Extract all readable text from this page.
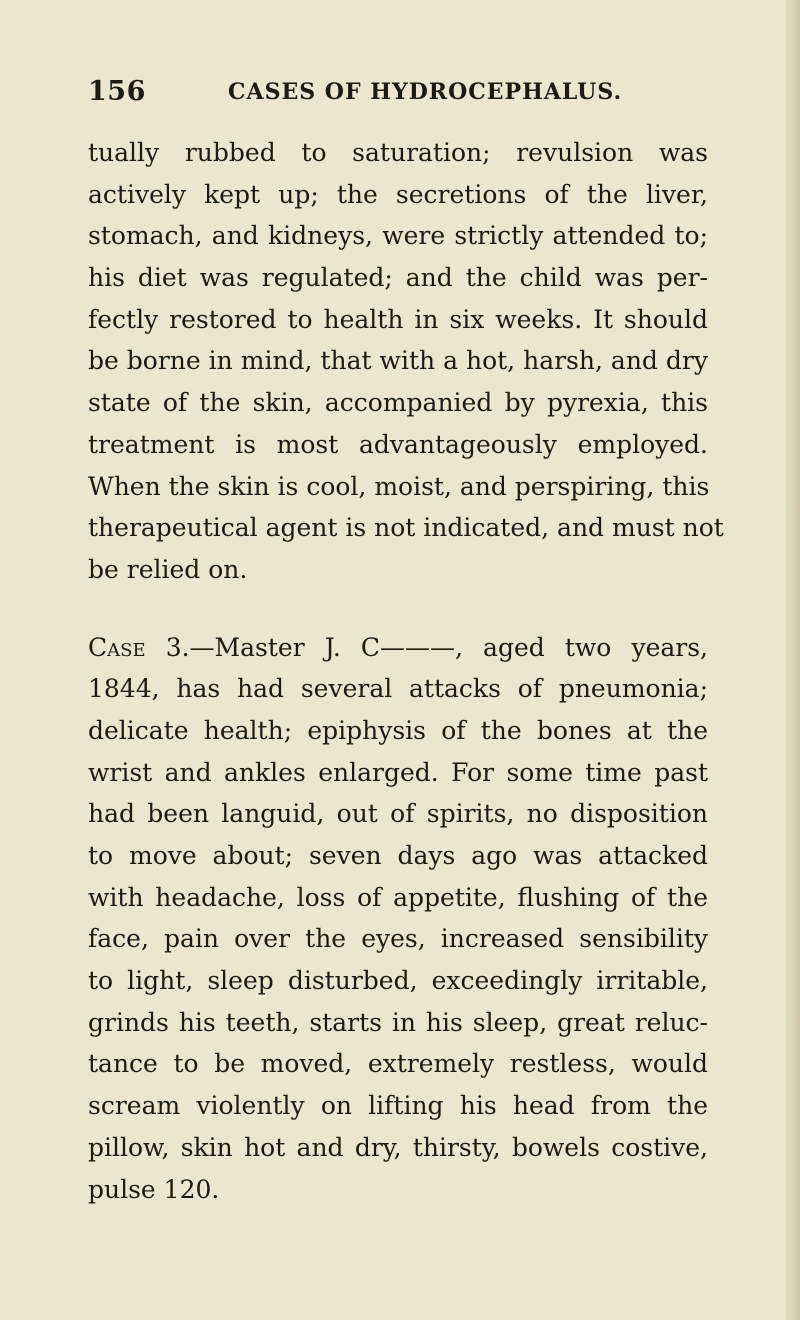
156	CASES OF HYDROCEPHALUS.
tually rubbed to saturation; revulsion was
actively kept up; the secretions of the liver,
stomach, and kidneys, were strictly attended to;
his diet was regulated; and the child was per-
fectly restored to health in six weeks. It should
be borne in mind, that with a hot, harsh, and dry
state of the skin, accompanied by pyrexia, this
treatment is most advantageously employed.
When the skin is cool, moist, and perspiring, this
therapeutical agent is not indicated, and must not
be relied on.
Case 3.—Master J. C———, aged two years,
1844, has had several attacks of pneumonia;
delicate health; epiphysis of the bones at the
wrist and ankles enlarged. For some time past
had been languid, out of spirits, no disposition
to move about; seven days ago was attacked
with headache, loss of appetite, flushing of the
face, pain over the eyes, increased sensibility
to light, sleep disturbed, exceedingly irritable,
grinds his teeth, starts in his sleep, great reluc-
tance to be moved, extremely restless, would
scream violently on lifting his head from the
pillow, skin hot and dry, thirsty, bowels costive,
pulse 120.
